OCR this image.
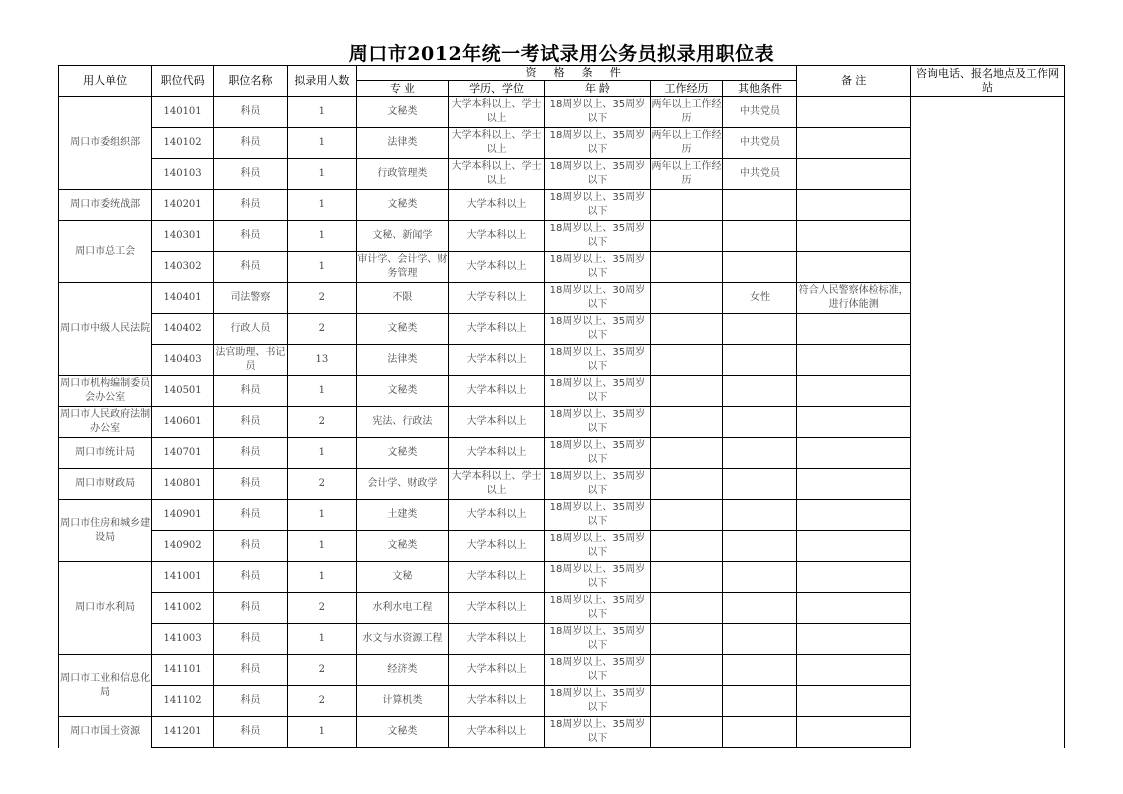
周口市2012年统一考试录用公务员拟录用职位表
用人单位	职位代码	职位名称	拟录用人数	资 格 条 件					备 注	咨询电话、报名地点及工作网站
				专 业	学历、学位	年 龄	工作经历	其他条件		
周口市委组织部	140101	科员	1	文秘类	大学本科以上、学士以上	18周岁以上、35周岁以下	两年以上工作经历	中共党员		
	140102	科员	1	法律类	大学本科以上、学士以上	18周岁以上、35周岁以下	两年以上工作经历	中共党员		
	140103	科员	1	行政管理类	大学本科以上、学士以上	18周岁以上、35周岁以下	两年以上工作经历	中共党员		
周口市委统战部	140201	科员	1	文秘类	大学本科以上	18周岁以上、35周岁以下				
周口市总工会	140301	科员	1	文秘、新闻学	大学本科以上	18周岁以上、35周岁以下				
	140302	科员	1	审计学、会计学、财务管理	大学本科以上	18周岁以上、35周岁以下				
周口市中级人民法院	140401	司法警察	2	不限	大学专科以上	18周岁以上、30周岁以下		女性	符合人民警察体检标准，进行体能测	
	140402	行政人员	2	文秘类	大学本科以上	18周岁以上、35周岁以下				
	140403	法官助理、书记员	13	法律类	大学本科以上	18周岁以上、35周岁以下				
周口市机构编制委员会办公室	140501	科员	1	文秘类	大学本科以上	18周岁以上、35周岁以下				
周口市人民政府法制办公室	140601	科员	2	宪法、行政法	大学本科以上	18周岁以上、35周岁以下				
周口市统计局	140701	科员	1	文秘类	大学本科以上	18周岁以上、35周岁以下				
周口市财政局	140801	科员	2	会计学、财政学	大学本科以上、学士以上	18周岁以上、35周岁以下				
周口市住房和城乡建设局	140901	科员	1	土建类	大学本科以上	18周岁以上、35周岁以下				
	140902	科员	1	文秘类	大学本科以上	18周岁以上、35周岁以下				
周口市水利局	141001	科员	1	文秘	大学本科以上	18周岁以上、35周岁以下				
	141002	科员	2	水利水电工程	大学本科以上	18周岁以上、35周岁以下				
	141003	科员	1	水文与水资源工程	大学本科以上	18周岁以上、35周岁以下				
周口市工业和信息化局	141101	科员	2	经济类	大学本科以上	18周岁以上、35周岁以下				
	141102	科员	2	计算机类	大学本科以上	18周岁以上、35周岁以下				
周口市国土资源	141201	科员	1	文秘类	大学本科以上	18周岁以上、35周岁以下				
